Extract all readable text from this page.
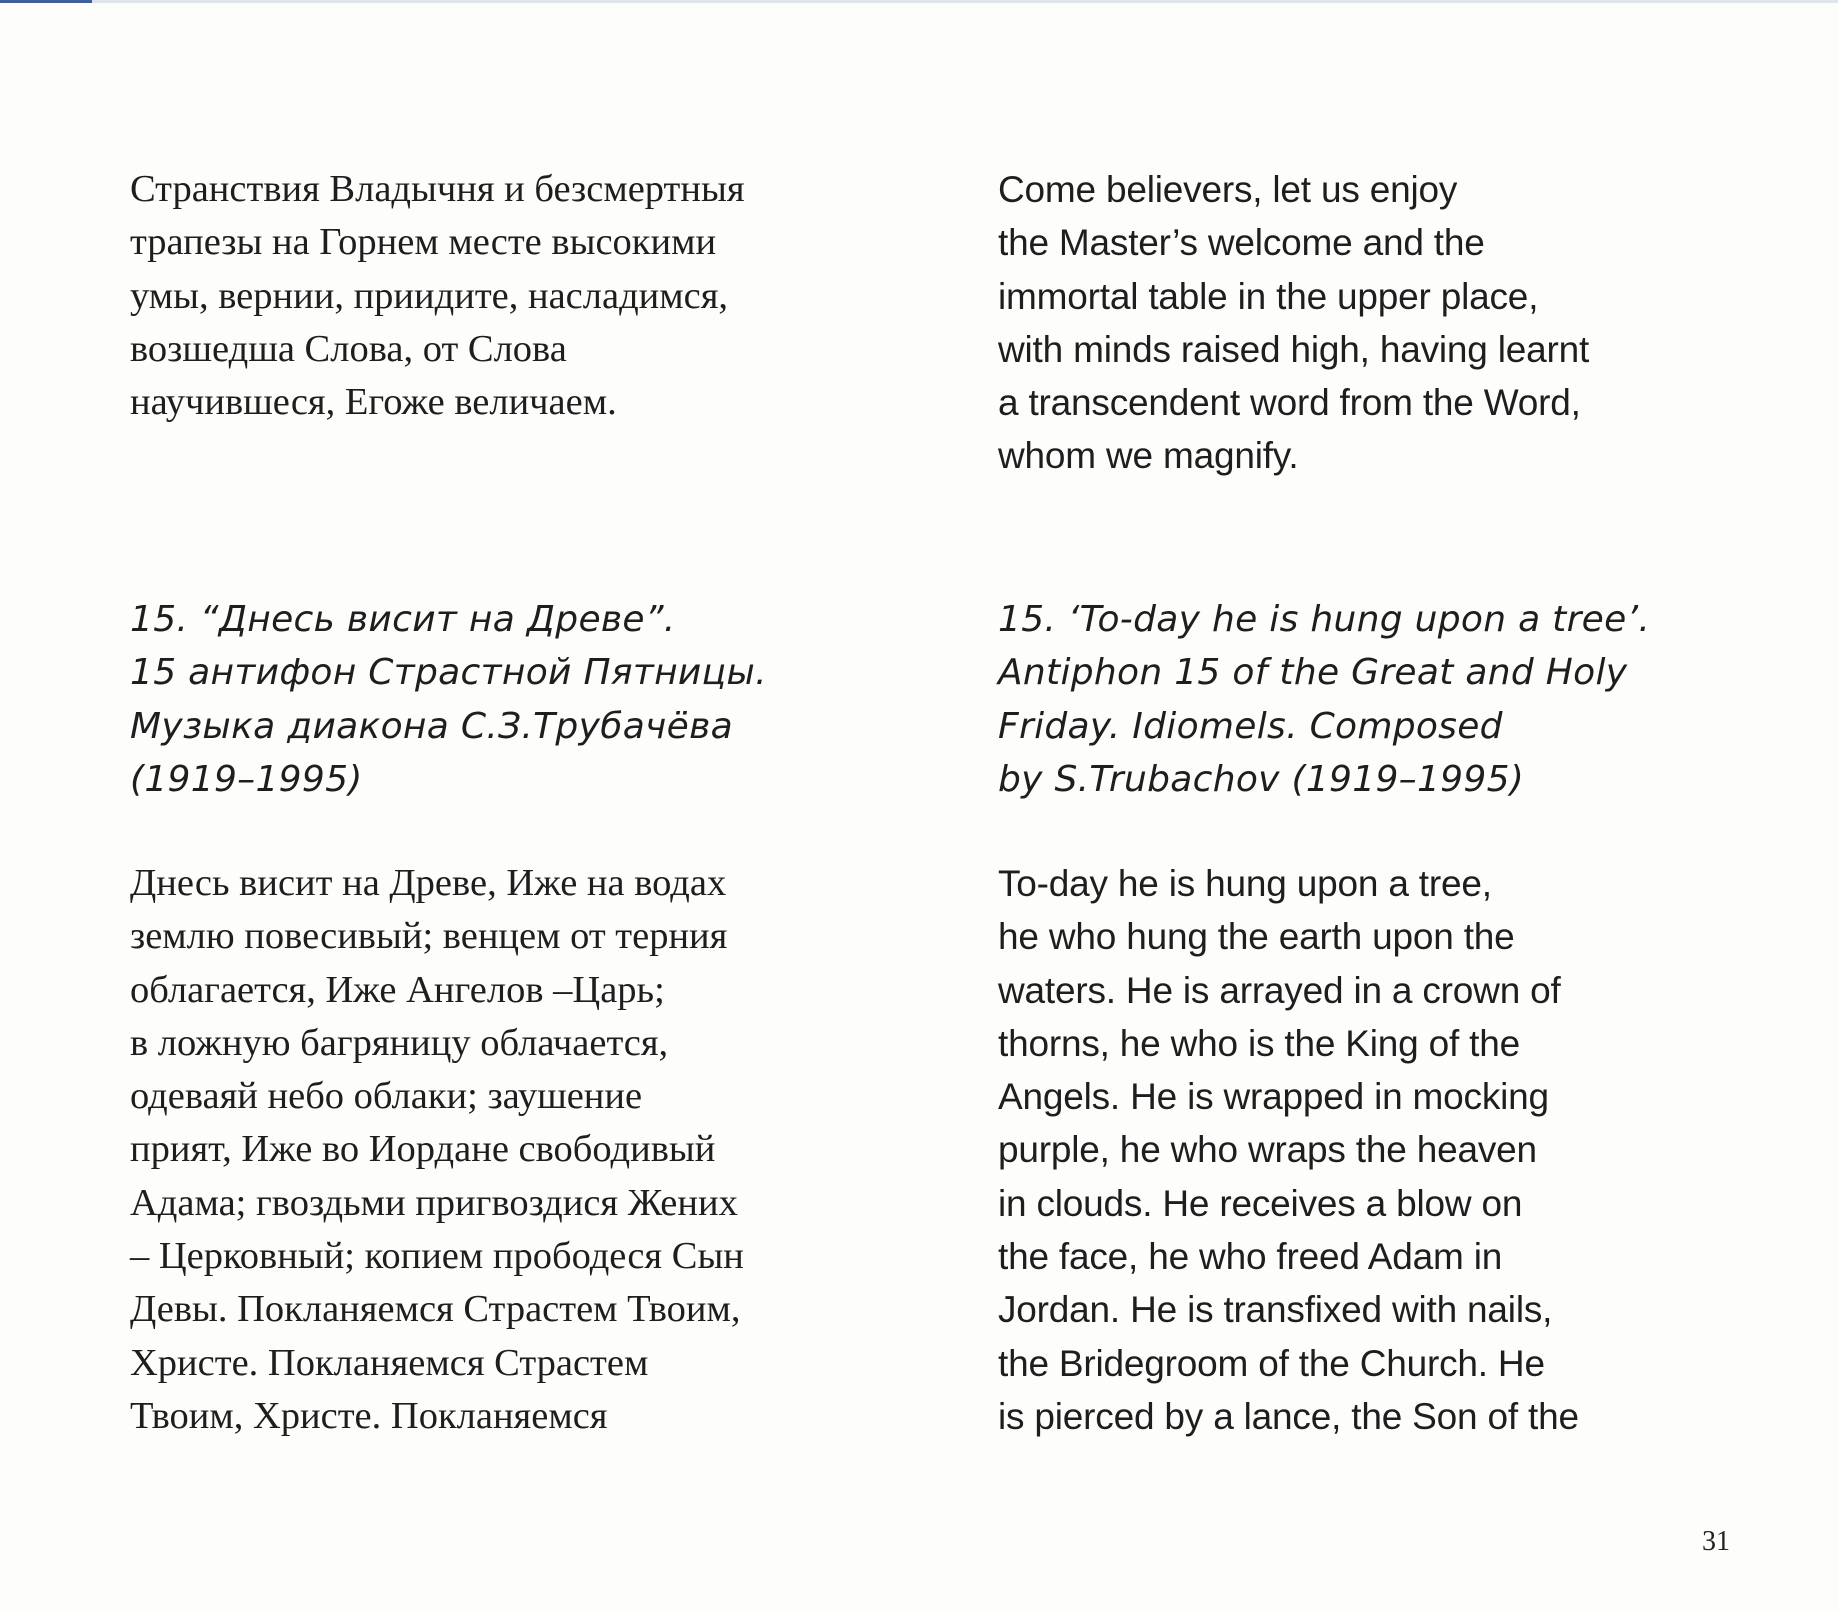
Странствия Владычня и безсмертныя
трапезы на Горнем месте высокими
умы, вернии, приидите, насладимся,
возшедша Слова, от Слова
научившеся, Егоже величаем.

15. “Днесь висит на Древе”.
15 антифон Страстной Пятницы.
Музыка диакона С.З.Трубачёва
(1919–1995)

Днесь висит на Древе, Иже на водах
землю повесивый; венцем от терния
облагается, Иже Ангелов –Царь;
в ложную багряницу облачается,
одеваяй небо облаки; заушение
прият, Иже во Иордане свободивый
Адама; гвоздьми пригвоздися Жених
– Церковный; копием прободеся Сын
Девы. Покланяемся Страстем Твоим,
Христе. Покланяемся Страстем
Твоим, Христе. Покланяемся

Come believers, let us enjoy
the Master’s welcome and the
immortal table in the upper place,
with minds raised high, having learnt
a transcendent word from the Word,
whom we magnify.

15. ‘To-day he is hung upon a tree’.
Antiphon 15 of the Great and Holy
Friday. Idiomels. Composed
by S.Trubachov (1919–1995)

To-day he is hung upon a tree,
he who hung the earth upon the
waters. He is arrayed in a crown of
thorns, he who is the King of the
Angels. He is wrapped in mocking
purple, he who wraps the heaven
in clouds. He receives a blow on
the face, he who freed Adam in
Jordan. He is transfixed with nails,
the Bridegroom of the Church. He
is pierced by a lance, the Son of the

31
